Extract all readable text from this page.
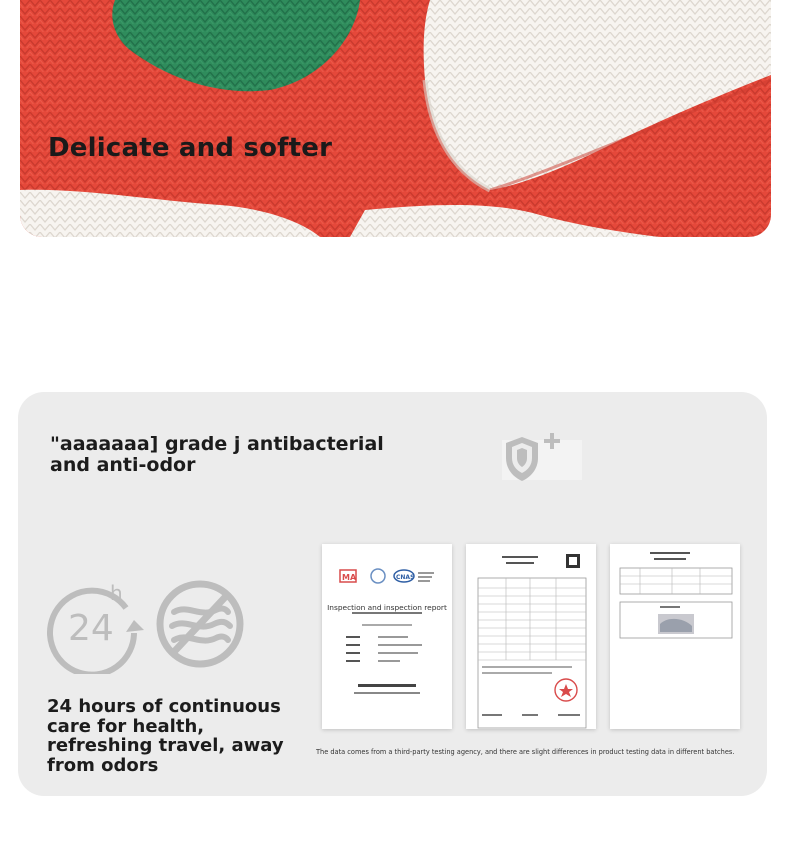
Delicate and softer
"aaaaaaa] grade j antibacterial and anti-odor
24
h
24 hours of continuous care for health, refreshing travel, away from odors
MA	CNAS
Inspection and inspection report
The data comes from a third-party testing agency, and there are slight differences in product testing data in different batches.
